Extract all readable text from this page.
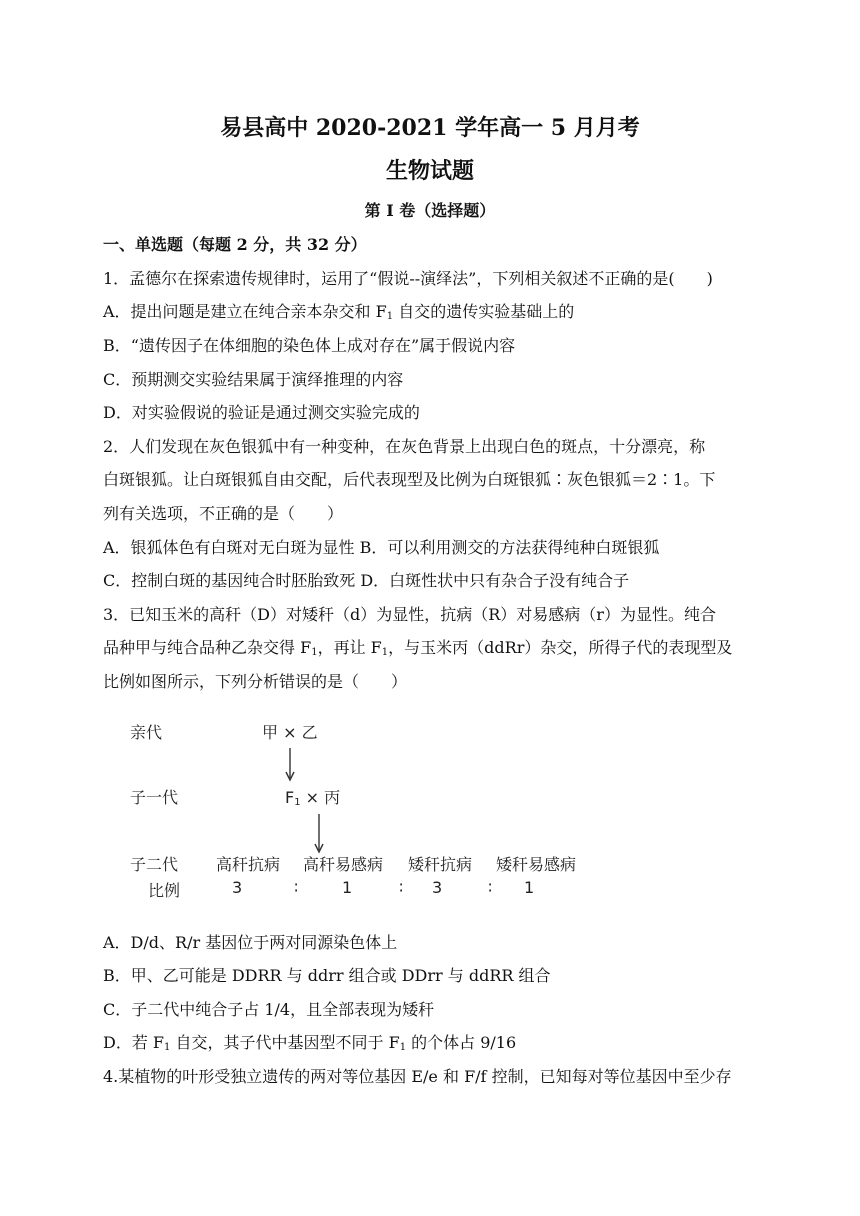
易县高中 2020-2021 学年高一 5 月月考
生物试题
第 I 卷（选择题）
一、单选题（每题 2 分，共 32 分）
1．孟德尔在探索遗传规律时，运用了“假说--演绎法”，下列相关叙述不正确的是(　　)
A．提出问题是建立在纯合亲本杂交和 $F_1$ 自交的遗传实验基础上的
B．“遗传因子在体细胞的染色体上成对存在”属于假说内容
C．预期测交实验结果属于演绎推理的内容
D．对实验假说的验证是通过测交实验完成的
2．人们发现在灰色银狐中有一种变种，在灰色背景上出现白色的斑点，十分漂亮，称
白斑银狐。让白斑银狐自由交配，后代表现型及比例为白斑银狐∶灰色银狐＝2∶1。下
列有关选项，不正确的是（　　）
A．银狐体色有白斑对无白斑为显性 B．可以利用测交的方法获得纯种白斑银狐
C．控制白斑的基因纯合时胚胎致死 D．白斑性状中只有杂合子没有纯合子
3．已知玉米的高秆（D）对矮秆（d）为显性，抗病（R）对易感病（r）为显性。纯合
品种甲与纯合品种乙杂交得 $F_1$，再让 $F_1$，与玉米丙（ddRr）杂交，所得子代的表现型及
比例如图所示，下列分析错误的是（　　）
亲代	甲 × 乙
子一代	$F_1$ × 丙
子二代
比例
高秆抗病 高秆易感病 矮秆抗病 矮秆易感病
3	∶	1	∶ 3	∶ 1
A．D/d、R/r 基因位于两对同源染色体上
B．甲、乙可能是 DDRR 与 ddrr 组合或 DDrr 与 ddRR 组合
C．子二代中纯合子占 1/4，且全部表现为矮秆
D．若 $F_1$ 自交，其子代中基因型不同于 $F_1$ 的个体占 9/16
4.某植物的叶形受独立遗传的两对等位基因 E/e 和 F/f 控制，已知每对等位基因中至少存
